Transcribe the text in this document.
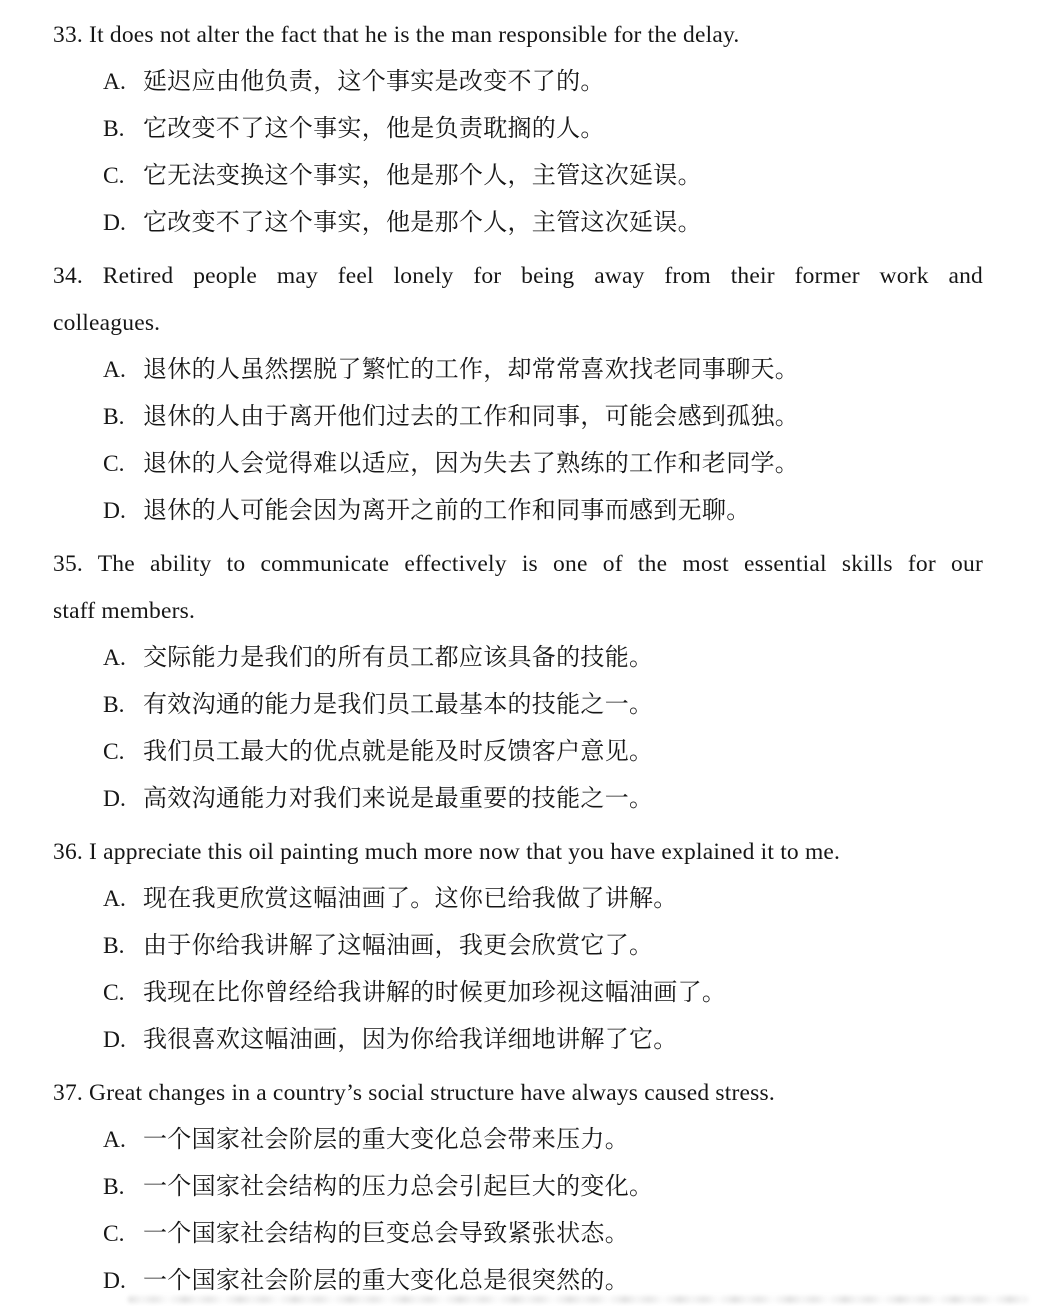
33. It does not alter the fact that he is the man responsible for the delay.
A. 延迟应由他负责，这个事实是改变不了的。
B. 它改变不了这个事实，他是负责耽搁的人。
C. 它无法变换这个事实，他是那个人，主管这次延误。
D. 它改变不了这个事实，他是那个人，主管这次延误。
34. Retired people may feel lonely for being away from their former work and
colleagues.
A. 退休的人虽然摆脱了繁忙的工作，却常常喜欢找老同事聊天。
B. 退休的人由于离开他们过去的工作和同事，可能会感到孤独。
C. 退休的人会觉得难以适应，因为失去了熟练的工作和老同学。
D. 退休的人可能会因为离开之前的工作和同事而感到无聊。
35. The ability to communicate effectively is one of the most essential skills for our
staff members.
A. 交际能力是我们的所有员工都应该具备的技能。
B. 有效沟通的能力是我们员工最基本的技能之一。
C. 我们员工最大的优点就是能及时反馈客户意见。
D. 高效沟通能力对我们来说是最重要的技能之一。
36. I appreciate this oil painting much more now that you have explained it to me.
A. 现在我更欣赏这幅油画了。这你已给我做了讲解。
B. 由于你给我讲解了这幅油画，我更会欣赏它了。
C. 我现在比你曾经给我讲解的时候更加珍视这幅油画了。
D. 我很喜欢这幅油画，因为你给我详细地讲解了它。
37. Great changes in a country’s social structure have always caused stress.
A. 一个国家社会阶层的重大变化总会带来压力。
B. 一个国家社会结构的压力总会引起巨大的变化。
C. 一个国家社会结构的巨变总会导致紧张状态。
D. 一个国家社会阶层的重大变化总是很突然的。
